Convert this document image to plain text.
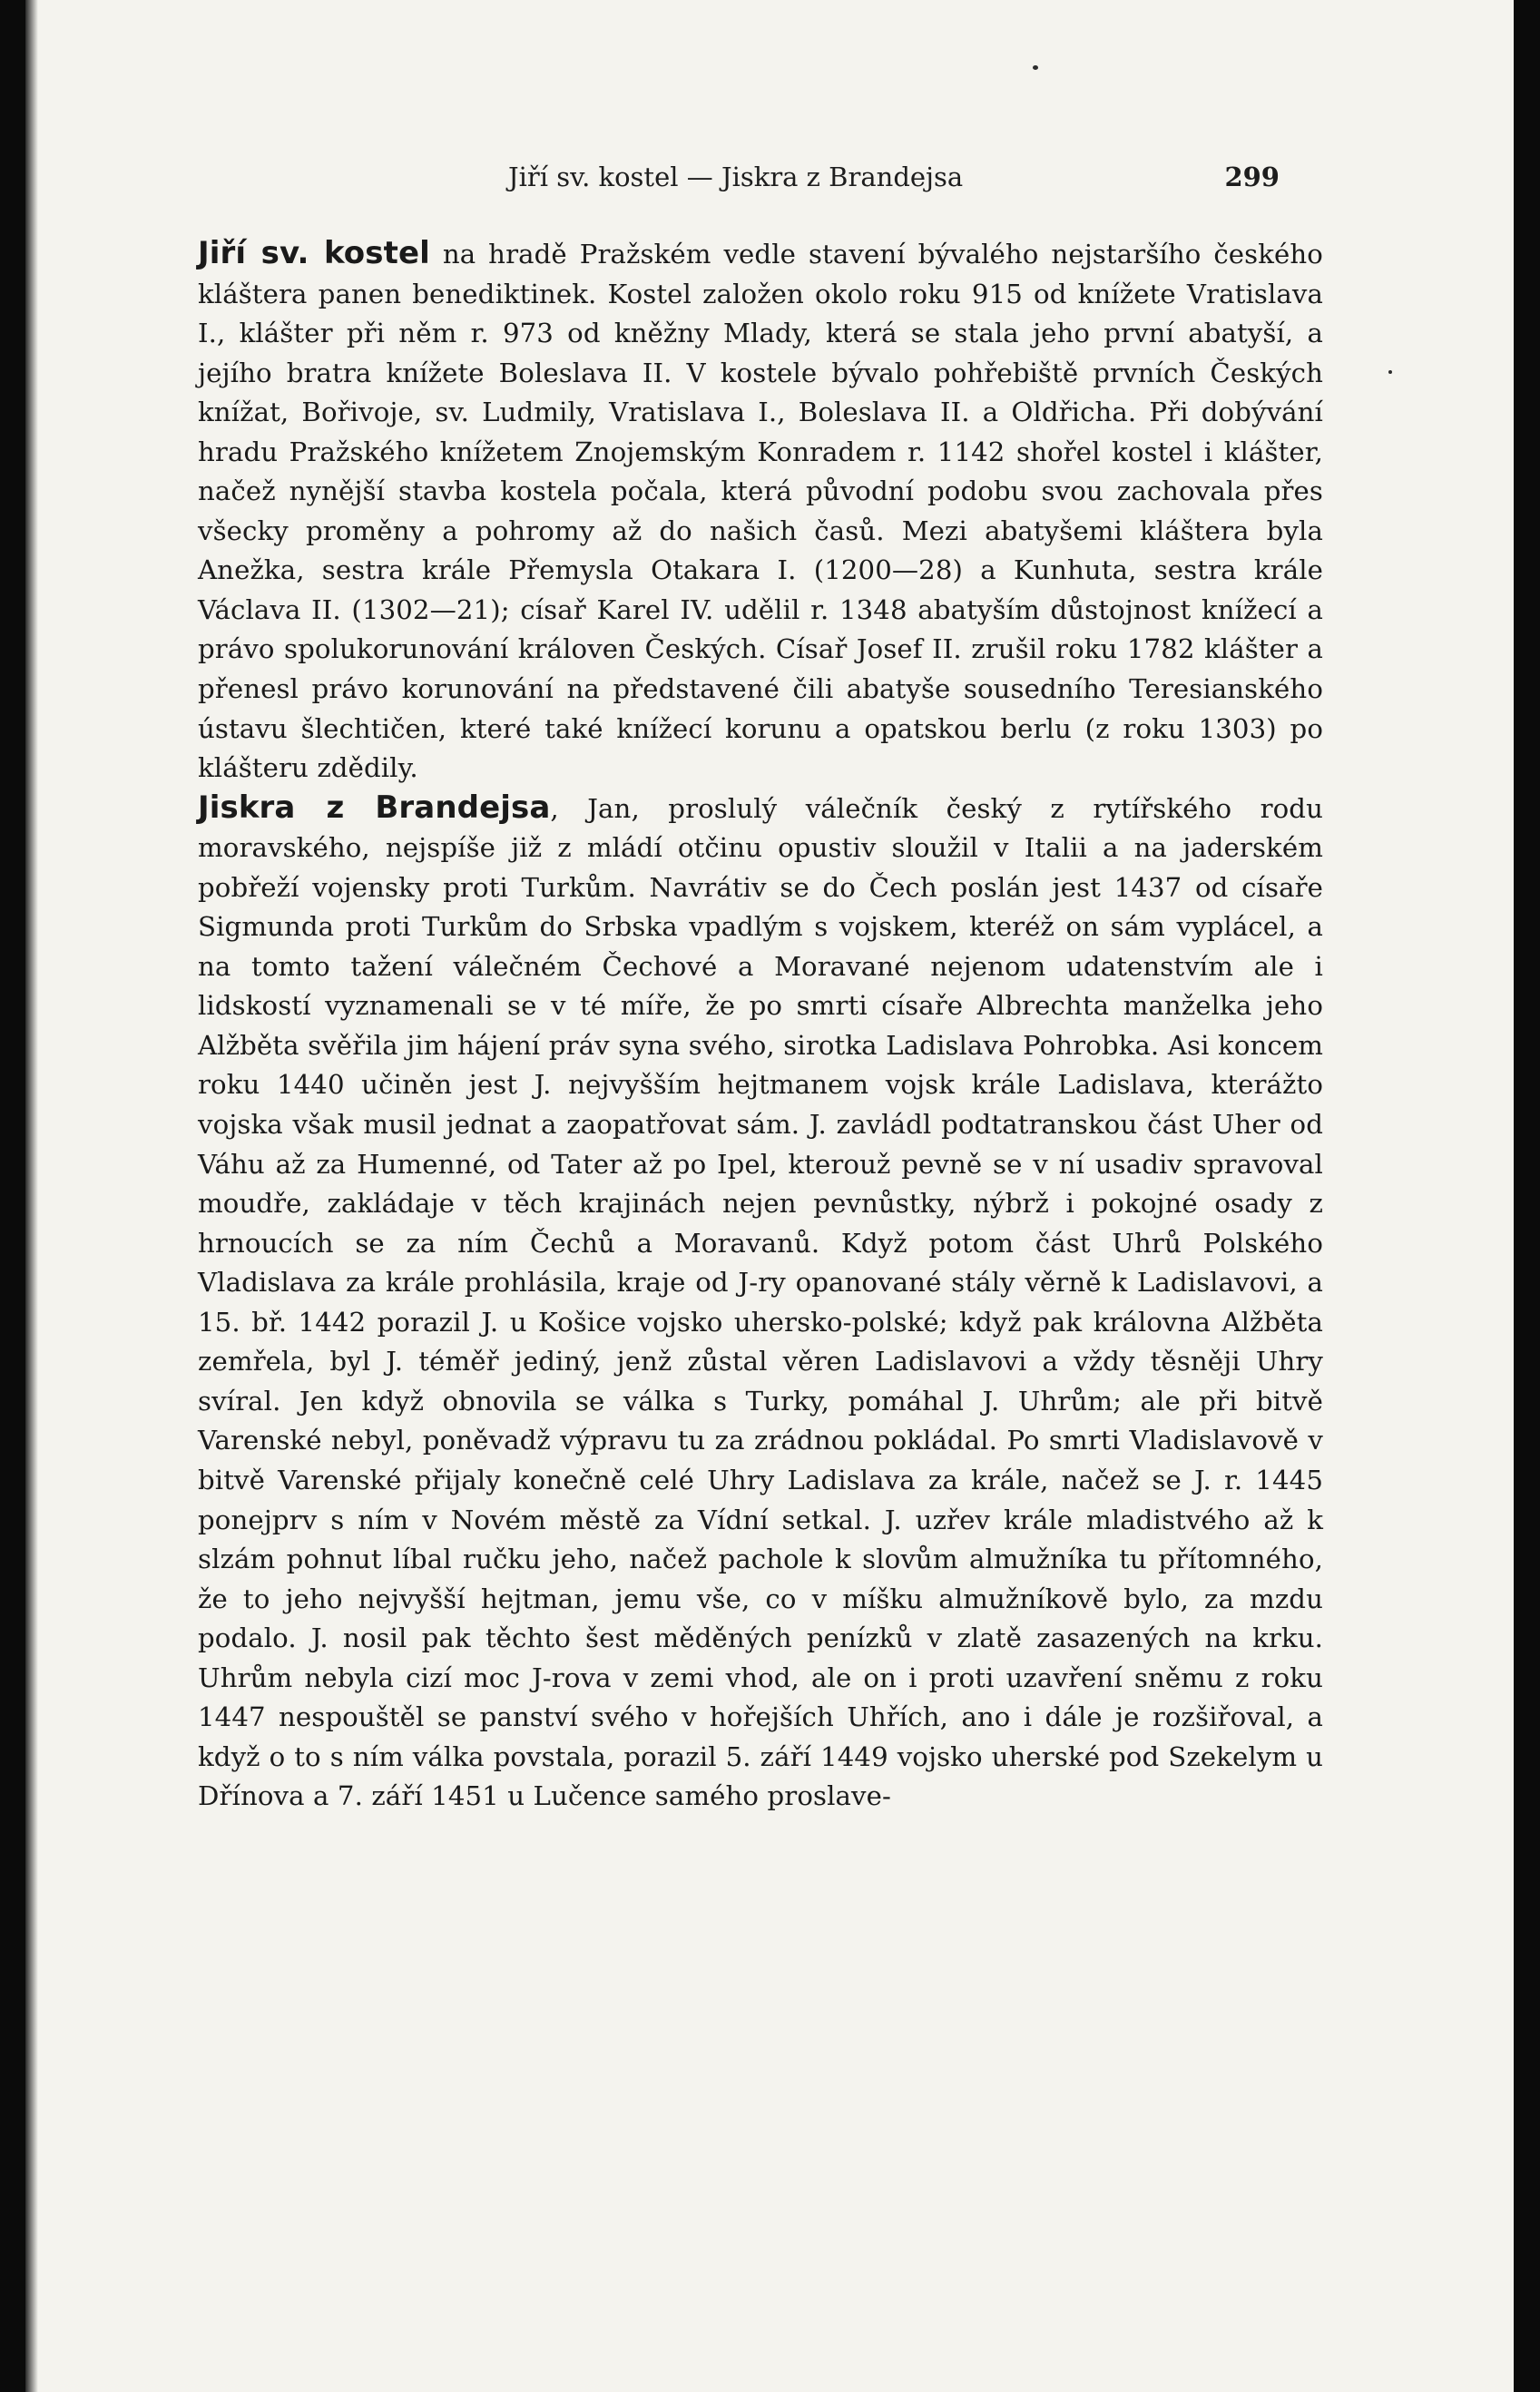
Jiří sv. kostel — Jiskra z Brandejsa	299

Jiří sv. kostel na hradě Pražském vedle stavení bývalého nejstaršího českého kláštera panen benediktinek. Kostel založen okolo roku 915 od knížete Vratislava I., klášter při něm r. 973 od kněžny Mlady, která se stala jeho první abatyší, a jejího bratra knížete Boleslava II. V kostele bývalo pohřebiště prvních Českých knížat, Bořivoje, sv. Ludmily, Vratislava I., Boleslava II. a Oldřicha. Při dobývání hradu Pražského knížetem Znojemským Konradem r. 1142 shořel kostel i klášter, načež nynější stavba kostela počala, která původní podobu svou zachovala přes všecky proměny a pohromy až do našich časů. Mezi abatyšemi kláštera byla Anežka, sestra krále Přemysla Otakara I. (1200—28) a Kunhuta, sestra krále Václava II. (1302—21); císař Karel IV. udělil r. 1348 abatyším důstojnost knížecí a právo spolukorunování královen Českých. Císař Josef II. zrušil roku 1782 klášter a přenesl právo korunování na představené čili abatyše sousedního Teresianského ústavu šlechtičen, které také knížecí korunu a opatskou berlu (z roku 1303) po klášteru zdědily.

Jiskra z Brandejsa, Jan, proslulý válečník český z rytířského rodu moravského, nejspíše již z mládí otčinu opustiv sloužil v Italii a na jaderském pobřeží vojensky proti Turkům. Navrátiv se do Čech poslán jest 1437 od císaře Sigmunda proti Turkům do Srbska vpadlým s vojskem, kteréž on sám vyplácel, a na tomto tažení válečném Čechové a Moravané nejenom udatenstvím ale i lidskostí vyznamenali se v té míře, že po smrti císaře Albrechta manželka jeho Alžběta svěřila jim hájení práv syna svého, sirotka Ladislava Pohrobka. Asi koncem roku 1440 učiněn jest J. nejvyšším hejtmanem vojsk krále Ladislava, kterážto vojska však musil jednat a zaopatřovat sám. J. zavládl podtatranskou část Uher od Váhu až za Humenné, od Tater až po Ipel, kterouž pevně se v ní usadiv spravoval moudře, zakládaje v těch krajinách nejen pevnůstky, nýbrž i pokojné osady z hrnoucích se za ním Čechů a Moravanů. Když potom část Uhrů Polského Vladislava za krále prohlásila, kraje od J-ry opanované stály věrně k Ladislavovi, a 15. bř. 1442 porazil J. u Košice vojsko uhersko-polské; když pak královna Alžběta zemřela, byl J. téměř jediný, jenž zůstal věren Ladislavovi a vždy těsněji Uhry svíral. Jen když obnovila se válka s Turky, pomáhal J. Uhrům; ale při bitvě Varenské nebyl, poněvadž výpravu tu za zrádnou pokládal. Po smrti Vladislavově v bitvě Varenské přijaly konečně celé Uhry Ladislava za krále, načež se J. r. 1445 ponejprv s ním v Novém městě za Vídní setkal. J. uzřev krále mladistvého až k slzám pohnut líbal ručku jeho, načež pachole k slovům almužníka tu přítomného, že to jeho nejvyšší hejtman, jemu vše, co v míšku almužníkově bylo, za mzdu podalo. J. nosil pak těchto šest měděných penízků v zlatě zasazených na krku. Uhrům nebyla cizí moc J-rova v zemi vhod, ale on i proti uzavření sněmu z roku 1447 nespouštěl se panství svého v hořejších Uhřích, ano i dále je rozšiřoval, a když o to s ním válka povstala, porazil 5. září 1449 vojsko uherské pod Szekelym u Dřínova a 7. září 1451 u Lučence samého proslave-
